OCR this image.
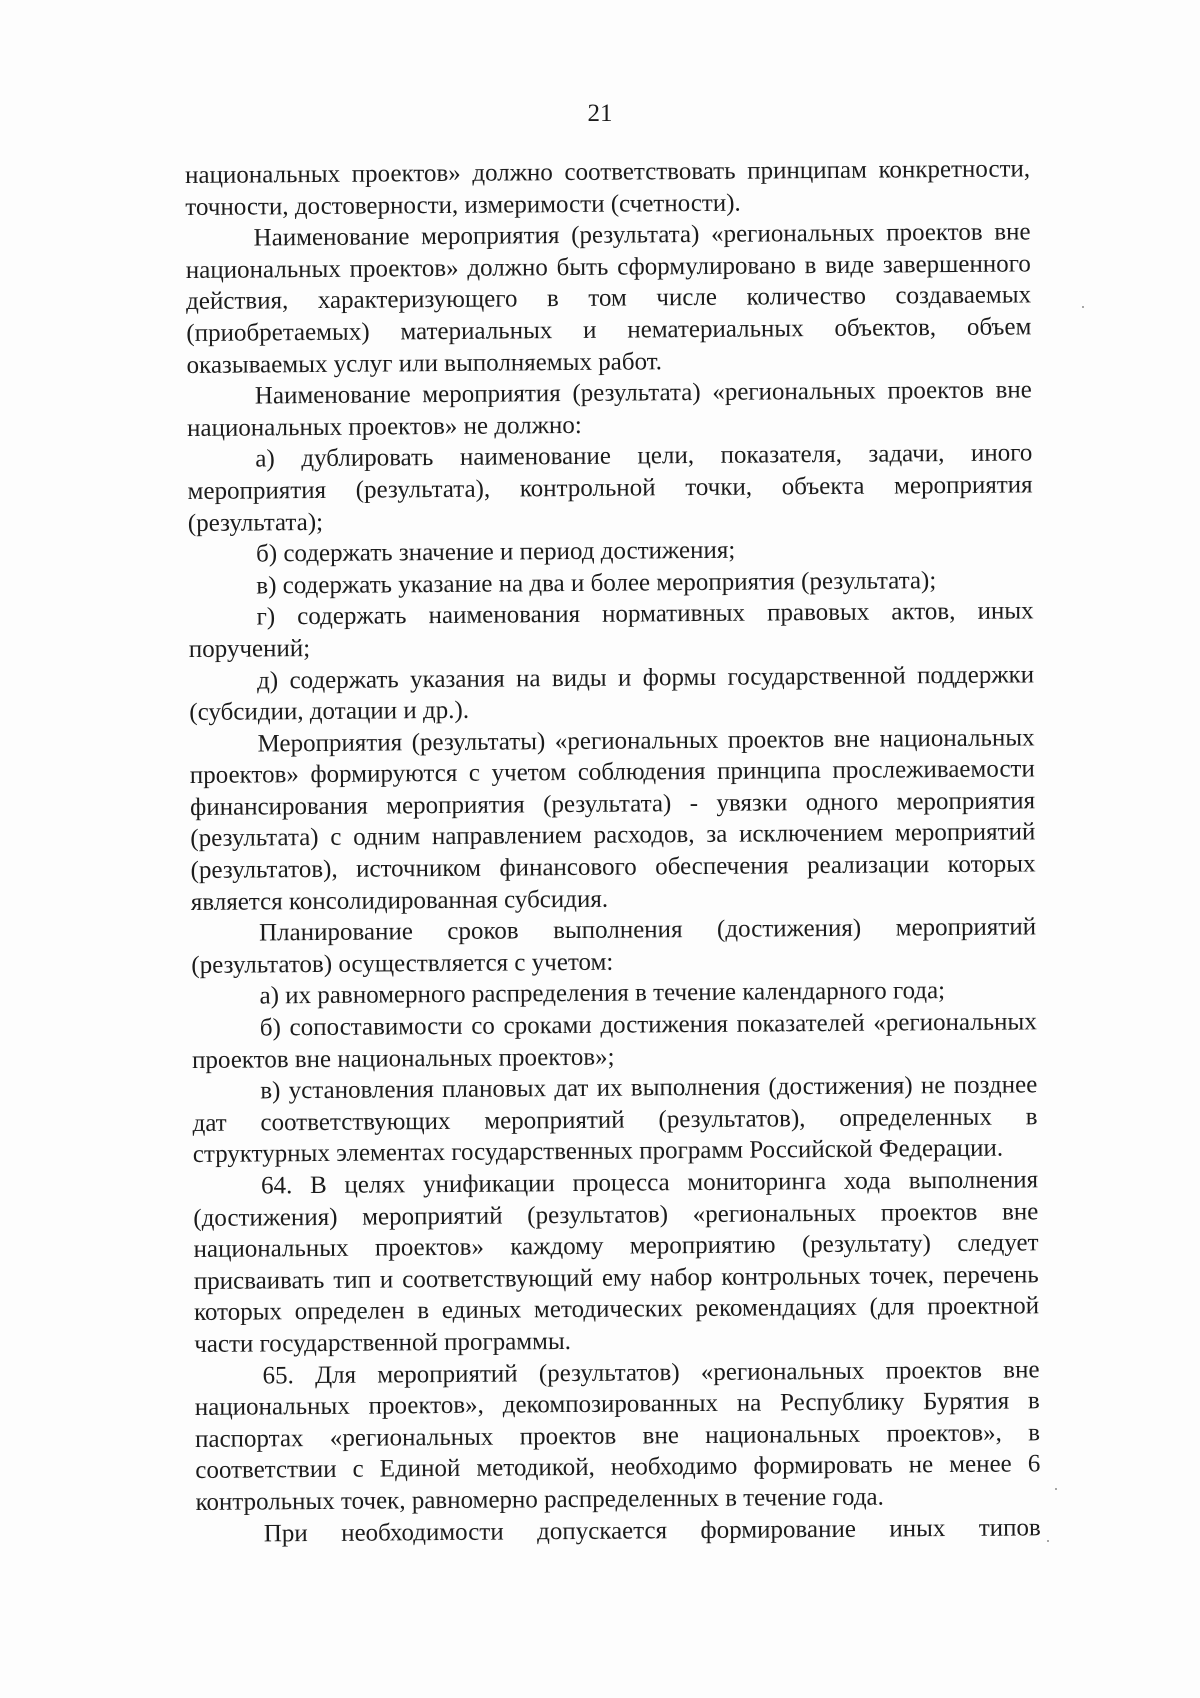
21

национальных проектов» должно соответствовать принципам конкретности, точности, достоверности, измеримости (счетности).

Наименование мероприятия (результата) «региональных проектов вне национальных проектов» должно быть сформулировано в виде завершенного действия, характеризующего в том числе количество создаваемых (приобретаемых) материальных и нематериальных объектов, объем оказываемых услуг или выполняемых работ.

Наименование мероприятия (результата) «региональных проектов вне национальных проектов» не должно:

а) дублировать наименование цели, показателя, задачи, иного мероприятия (результата), контрольной точки, объекта мероприятия (результата);

б) содержать значение и период достижения;

в) содержать указание на два и более мероприятия (результата);

г) содержать наименования нормативных правовых актов, иных поручений;

д) содержать указания на виды и формы государственной поддержки (субсидии, дотации и др.).

Мероприятия (результаты) «региональных проектов вне национальных проектов» формируются с учетом соблюдения принципа прослеживаемости финансирования мероприятия (результата) - увязки одного мероприятия (результата) с одним направлением расходов, за исключением мероприятий (результатов), источником финансового обеспечения реализации которых является консолидированная субсидия.

Планирование сроков выполнения (достижения) мероприятий (результатов) осуществляется с учетом:

а) их равномерного распределения в течение календарного года;

б) сопоставимости со сроками достижения показателей «региональных проектов вне национальных проектов»;

в) установления плановых дат их выполнения (достижения) не позднее дат соответствующих мероприятий (результатов), определенных в структурных элементах государственных программ Российской Федерации.

64. В целях унификации процесса мониторинга хода выполнения (достижения) мероприятий (результатов) «региональных проектов вне национальных проектов» каждому мероприятию (результату) следует присваивать тип и соответствующий ему набор контрольных точек, перечень которых определен в единых методических рекомендациях (для проектной части государственной программы.

65. Для мероприятий (результатов) «региональных проектов вне национальных проектов», декомпозированных на Республику Бурятия в паспортах «региональных проектов вне национальных проектов», в соответствии с Единой методикой, необходимо формировать не менее 6 контрольных точек, равномерно распределенных в течение года.

При необходимости допускается формирование иных типов
